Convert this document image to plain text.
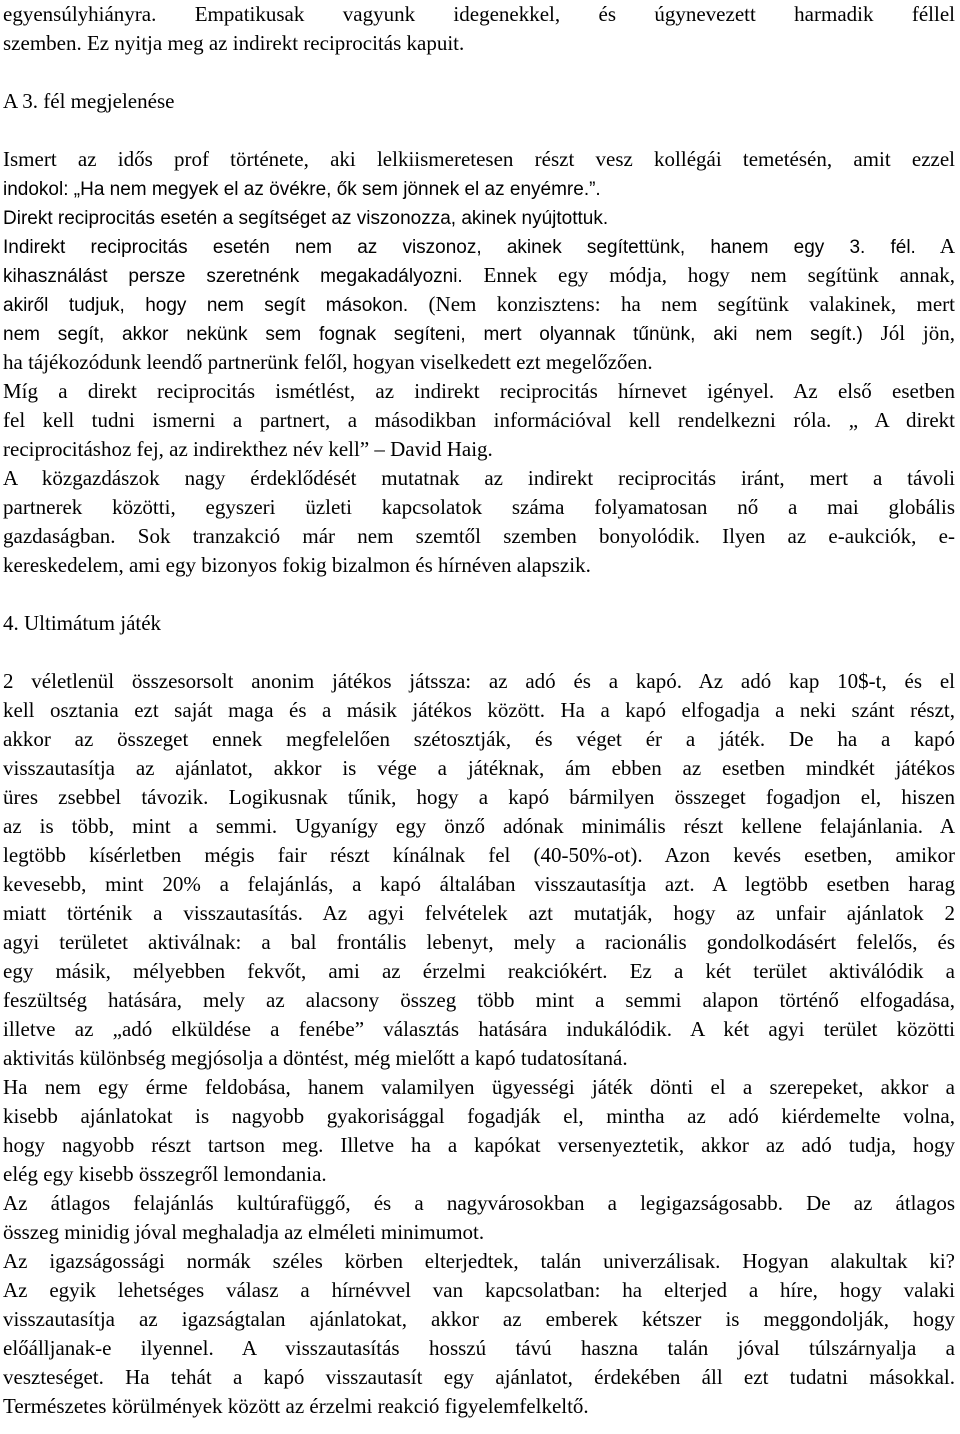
egyensúlyhiányra. Empatikusak vagyunk idegenekkel, és úgynevezett harmadik féllel
szemben. Ez nyitja meg az indirekt reciprocitás kapuit.
A 3. fél megjelenése
Ismert az idős prof története, aki lelkiismeretesen részt vesz kollégái temetésén, amit ezzel
indokol: „Ha nem megyek el az övékre, ők sem jönnek el az enyémre.”.
Direkt reciprocitás esetén a segítséget az viszonozza, akinek nyújtottuk.
Indirekt reciprocitás esetén nem az viszonoz, akinek segítettünk, hanem egy 3. fél. A
kihasználást persze szeretnénk megakadályozni. Ennek egy módja, hogy nem segítünk annak,
akiről tudjuk, hogy nem segít másokon. (Nem konzisztens: ha nem segítünk valakinek, mert
nem segít, akkor nekünk sem fognak segíteni, mert olyannak tűnünk, aki nem segít.) Jól jön,
ha tájékozódunk leendő partnerünk felől, hogyan viselkedett ezt megelőzően.
Míg a direkt reciprocitás ismétlést, az indirekt reciprocitás hírnevet igényel. Az első esetben
fel kell tudni ismerni a partnert, a másodikban információval kell rendelkezni róla. „ A direkt
reciprocitáshoz fej, az indirekthez név kell” – David Haig.
A közgazdászok nagy érdeklődését mutatnak az indirekt reciprocitás iránt, mert a távoli
partnerek közötti, egyszeri üzleti kapcsolatok száma folyamatosan nő a mai globális
gazdaságban. Sok tranzakció már nem szemtől szemben bonyolódik. Ilyen az e-aukciók, e-
kereskedelem, ami egy bizonyos fokig bizalmon és hírnéven alapszik.
4. Ultimátum játék
2 véletlenül összesorsolt anonim játékos játssza: az adó és a kapó. Az adó kap 10$-t, és el
kell osztania ezt saját maga és a másik játékos között. Ha a kapó elfogadja a neki szánt részt,
akkor az összeget ennek megfelelően szétosztják, és véget ér a játék. De ha a kapó
visszautasítja az ajánlatot, akkor is vége a játéknak, ám ebben az esetben mindkét játékos
üres zsebbel távozik. Logikusnak tűnik, hogy a kapó bármilyen összeget fogadjon el, hiszen
az is több, mint a semmi. Ugyanígy egy önző adónak minimális részt kellene felajánlania. A
legtöbb kísérletben mégis fair részt kínálnak fel (40-50%-ot). Azon kevés esetben, amikor
kevesebb, mint 20% a felajánlás, a kapó általában visszautasítja azt. A legtöbb esetben harag
miatt történik a visszautasítás. Az agyi felvételek azt mutatják, hogy az unfair ajánlatok 2
agyi területet aktiválnak: a bal frontális lebenyt, mely a racionális gondolkodásért felelős, és
egy másik, mélyebben fekvőt, ami az érzelmi reakciókért. Ez a két terület aktiválódik a
feszültség hatására, mely az alacsony összeg több mint a semmi alapon történő elfogadása,
illetve az „adó elküldése a fenébe” választás hatására indukálódik. A két agyi terület közötti
aktivitás különbség megjósolja a döntést, még mielőtt a kapó tudatosítaná.
Ha nem egy érme feldobása, hanem valamilyen ügyességi játék dönti el a szerepeket, akkor a
kisebb ajánlatokat is nagyobb gyakorisággal fogadják el, mintha az adó kiérdemelte volna,
hogy nagyobb részt tartson meg. Illetve ha a kapókat versenyeztetik, akkor az adó tudja, hogy
elég egy kisebb összegről lemondania.
Az átlagos felajánlás kultúrafüggő, és a nagyvárosokban a legigazságosabb. De az átlagos
összeg minidig jóval meghaladja az elméleti minimumot.
Az igazságossági normák széles körben elterjedtek, talán univerzálisak. Hogyan alakultak ki?
Az egyik lehetséges válasz a hírnévvel van kapcsolatban: ha elterjed a híre, hogy valaki
visszautasítja az igazságtalan ajánlatokat, akkor az emberek kétszer is meggondolják, hogy
előálljanak-e ilyennel. A visszautasítás hosszú távú haszna talán jóval túlszárnyalja a
veszteséget. Ha tehát a kapó visszautasít egy ajánlatot, érdekében áll ezt tudatni másokkal.
Természetes körülmények között az érzelmi reakció figyelemfelkeltő.
